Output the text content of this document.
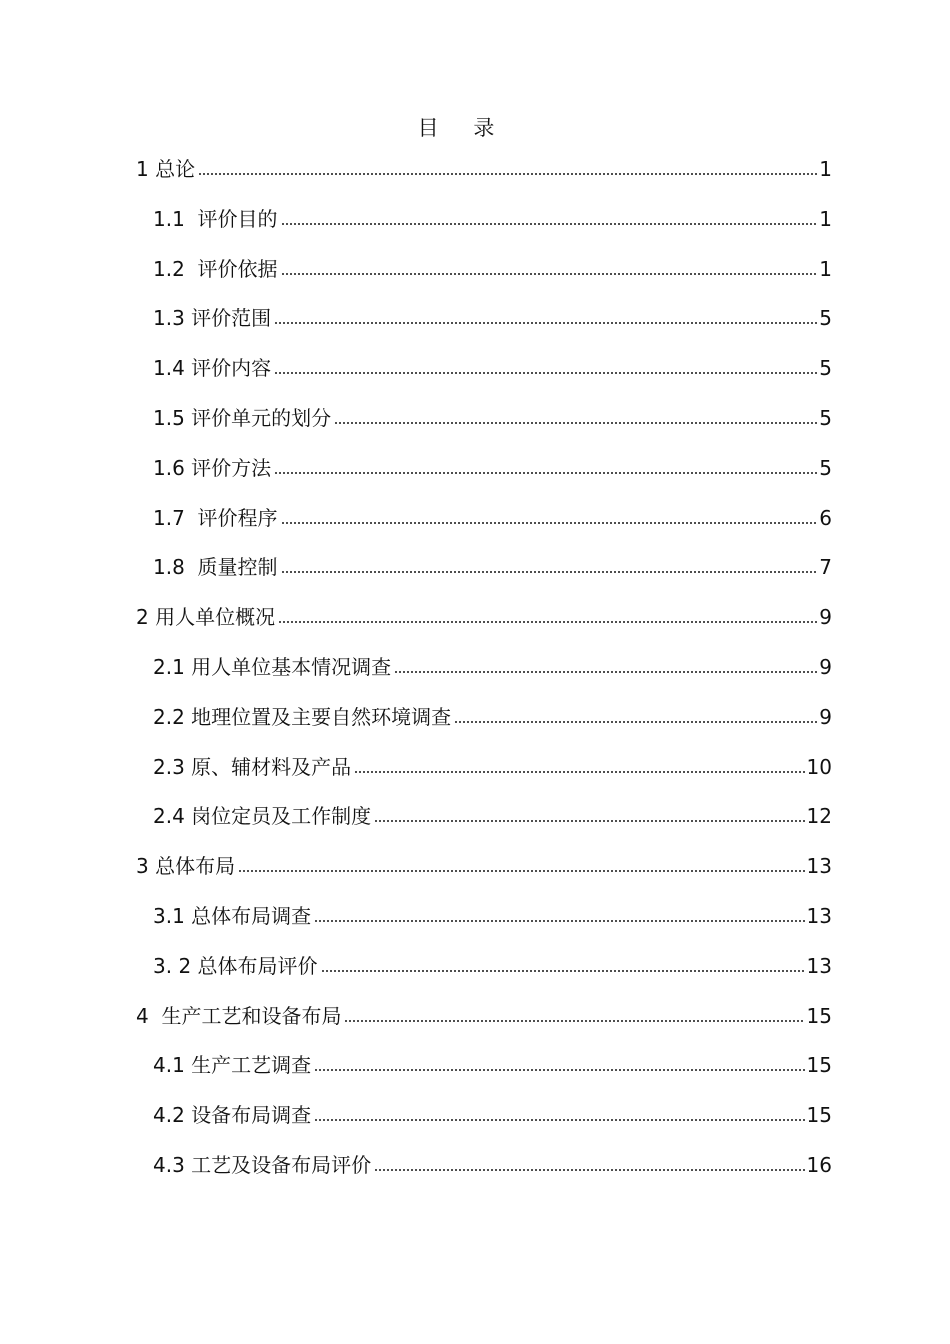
目 录
1 总论	1
1.1  评价目的	1
1.2  评价依据	1
1.3 评价范围	5
1.4 评价内容	5
1.5 评价单元的划分	5
1.6 评价方法	5
1.7  评价程序	6
1.8  质量控制	7
2 用人单位概况	9
2.1 用人单位基本情况调查	9
2.2 地理位置及主要自然环境调查	9
2.3 原、辅材料及产品	10
2.4 岗位定员及工作制度	12
3 总体布局	13
3.1 总体布局调查	13
3. 2 总体布局评价	13
4  生产工艺和设备布局	15
4.1 生产工艺调查	15
4.2 设备布局调查	15
4.3 工艺及设备布局评价	16
